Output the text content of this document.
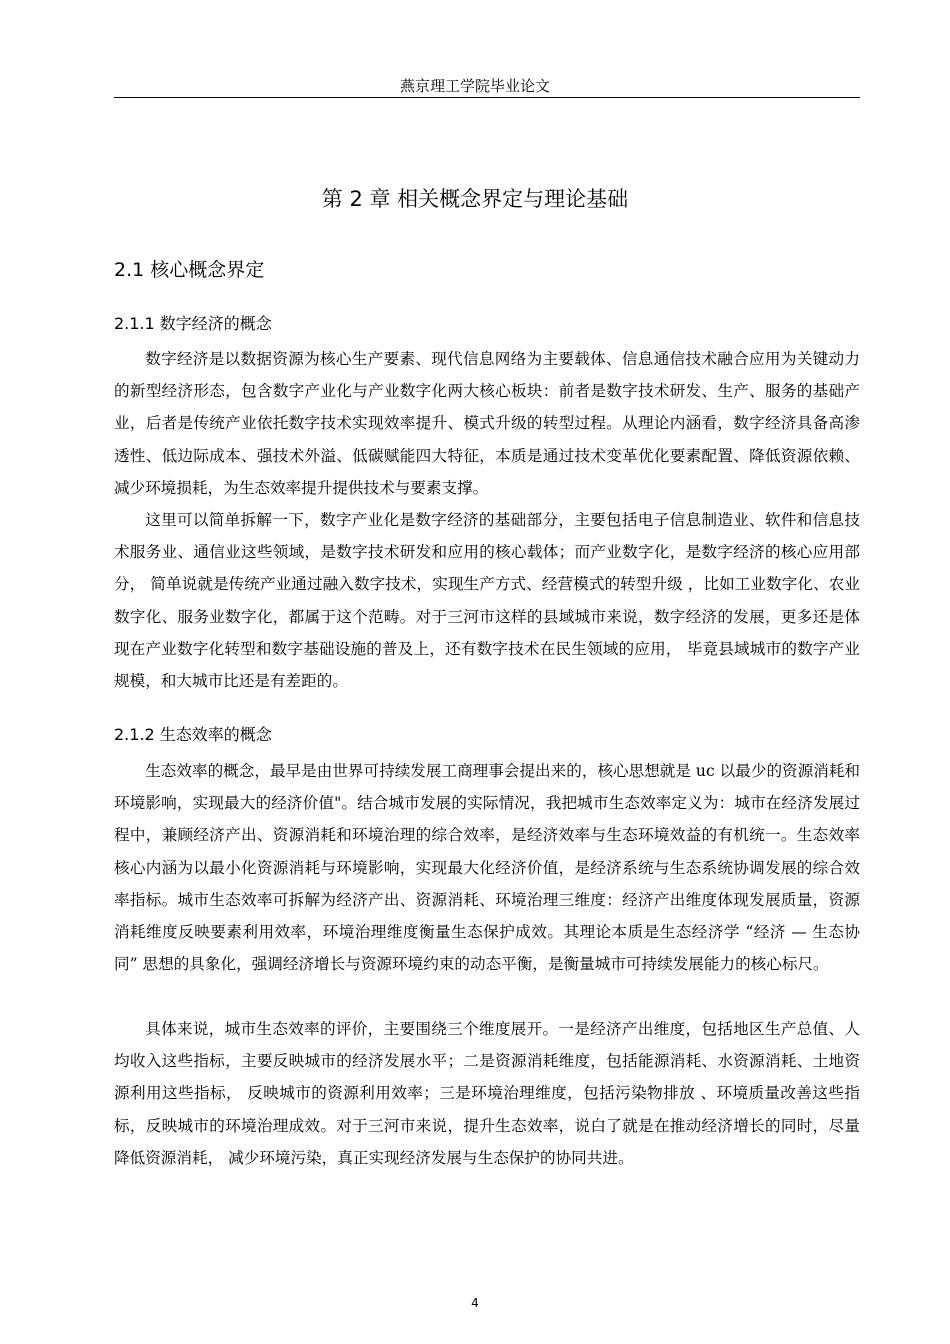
燕京理工学院毕业论文
第 2 章 相关概念界定与理论基础
2.1 核心概念界定
2.1.1 数字经济的概念

数字经济是以数据资源为核心生产要素、现代信息网络为主要载体、信息通信技术融合应用为关键动力的新型经济形态，包含数字产业化与产业数字化两大核心板块：前者是数字技术研发、生产、服务的基础产业，后者是传统产业依托数字技术实现效率提升、模式升级的转型过程。从理论内涵看，数字经济具备高渗透性、低边际成本、强技术外溢、低碳赋能四大特征，本质是通过技术变革优化要素配置、降低资源依赖、减少环境损耗，为生态效率提升提供技术与要素支撑。

这里可以简单拆解一下，数字产业化是数字经济的基础部分，主要包括电子信息制造业、软件和信息技术服务业、通信业这些领域，是数字技术研发和应用的核心载体；而产业数字化，是数字经济的核心应用部分， 简单说就是传统产业通过融入数字技术，实现生产方式、经营模式的转型升级 ，比如工业数字化、农业数字化、服务业数字化，都属于这个范畴。对于三河市这样的县域城市来说，数字经济的发展，更多还是体现在产业数字化转型和数字基础设施的普及上，还有数字技术在民生领域的应用， 毕竟县域城市的数字产业规模，和大城市比还是有差距的。

2.1.2 生态效率的概念

生态效率的概念，最早是由世界可持续发展工商理事会提出来的，核心思想就是 uc 以最少的资源消耗和环境影响，实现最大的经济价值"。结合城市发展的实际情况，我把城市生态效率定义为：城市在经济发展过程中，兼顾经济产出、资源消耗和环境治理的综合效率，是经济效率与生态环境效益的有机统一。生态效率核心内涵为以最小化资源消耗与环境影响，实现最大化经济价值，是经济系统与生态系统协调发展的综合效率指标。城市生态效率可拆解为经济产出、资源消耗、环境治理三维度：经济产出维度体现发展质量，资源消耗维度反映要素利用效率，环境治理维度衡量生态保护成效。其理论本质是生态经济学 “经济 — 生态协同” 思想的具象化，强调经济增长与资源环境约束的动态平衡，是衡量城市可持续发展能力的核心标尺。

具体来说，城市生态效率的评价，主要围绕三个维度展开。一是经济产出维度，包括地区生产总值、人均收入这些指标，主要反映城市的经济发展水平；二是资源消耗维度，包括能源消耗、水资源消耗、土地资源利用这些指标， 反映城市的资源利用效率；三是环境治理维度，包括污染物排放 、环境质量改善这些指标，反映城市的环境治理成效。对于三河市来说，提升生态效率，说白了就是在推动经济增长的同时，尽量降低资源消耗， 减少环境污染，真正实现经济发展与生态保护的协同共进。

4
